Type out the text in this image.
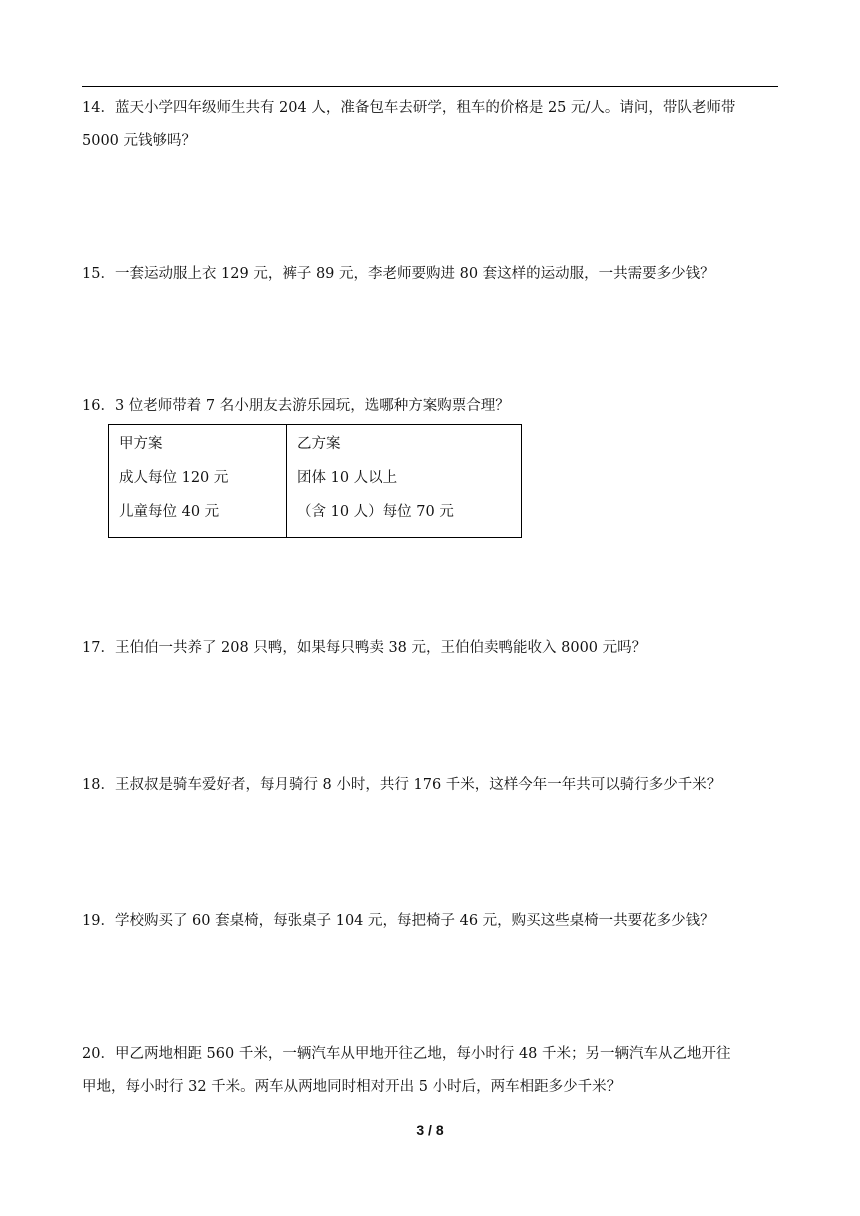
14．蓝天小学四年级师生共有 204 人，准备包车去研学，租车的价格是 25 元/人。请问，带队老师带

5000 元钱够吗？

15．一套运动服上衣 129 元，裤子 89 元，李老师要购进 80 套这样的运动服，一共需要多少钱？

16．3 位老师带着 7 名小朋友去游乐园玩，选哪种方案购票合理？

甲方案
成人每位 120 元
儿童每位 40 元

乙方案
团体 10 人以上
（含 10 人）每位 70 元

17．王伯伯一共养了 208 只鸭，如果每只鸭卖 38 元，王伯伯卖鸭能收入 8000 元吗？

18．王叔叔是骑车爱好者，每月骑行 8 小时，共行 176 千米，这样今年一年共可以骑行多少千米？

19．学校购买了 60 套桌椅，每张桌子 104 元，每把椅子 46 元，购买这些桌椅一共要花多少钱？

20．甲乙两地相距 560 千米，一辆汽车从甲地开往乙地，每小时行 48 千米；另一辆汽车从乙地开往

甲地，每小时行 32 千米。两车从两地同时相对开出 5 小时后，两车相距多少千米？

3 / 8
